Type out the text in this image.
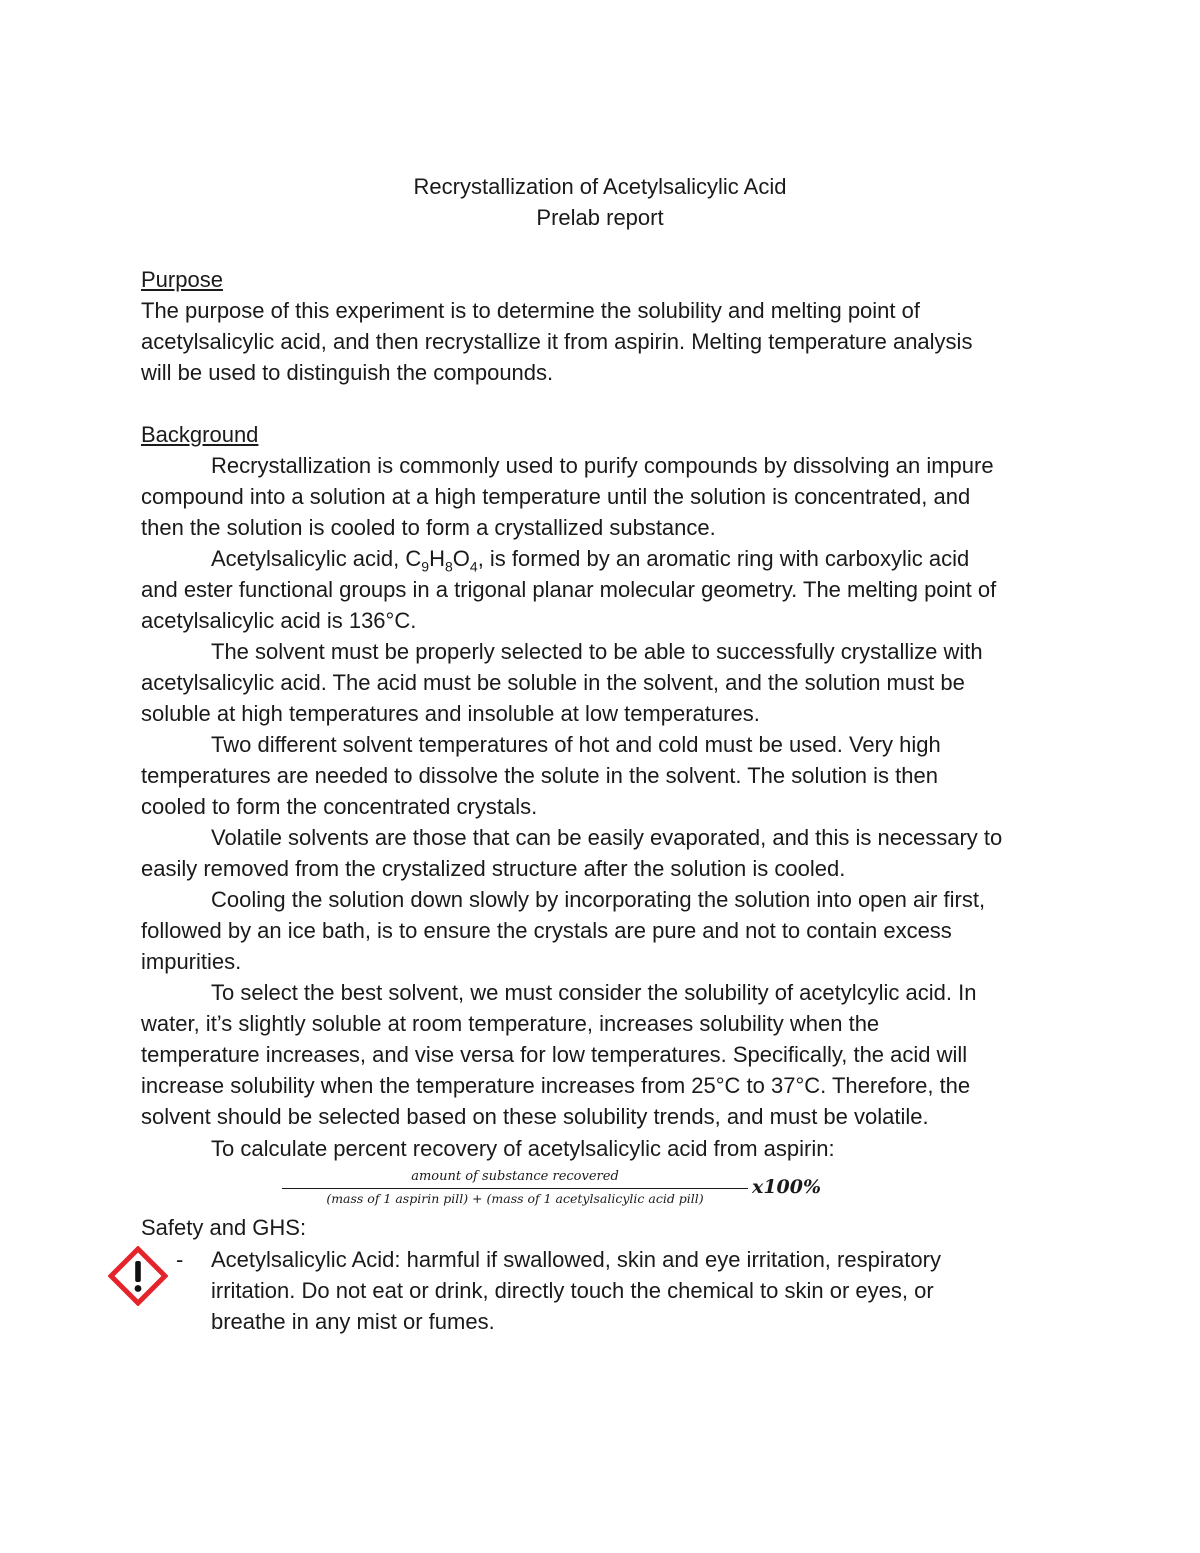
Recrystallization of Acetylsalicylic Acid
Prelab report
Purpose
The purpose of this experiment is to determine the solubility and melting point of
acetylsalicylic acid, and then recrystallize it from aspirin. Melting temperature analysis
will be used to distinguish the compounds.
Background
Recrystallization is commonly used to purify compounds by dissolving an impure
compound into a solution at a high temperature until the solution is concentrated, and
then the solution is cooled to form a crystallized substance.
Acetylsalicylic acid, $C_9H_8O_4$, is formed by an aromatic ring with carboxylic acid
and ester functional groups in a trigonal planar molecular geometry. The melting point of
acetylsalicylic acid is 136°C.
The solvent must be properly selected to be able to successfully crystallize with
acetylsalicylic acid. The acid must be soluble in the solvent, and the solution must be
soluble at high temperatures and insoluble at low temperatures.
Two different solvent temperatures of hot and cold must be used. Very high
temperatures are needed to dissolve the solute in the solvent. The solution is then
cooled to form the concentrated crystals.
Volatile solvents are those that can be easily evaporated, and this is necessary to
easily removed from the crystalized structure after the solution is cooled.
Cooling the solution down slowly by incorporating the solution into open air first,
followed by an ice bath, is to ensure the crystals are pure and not to contain excess
impurities.
To select the best solvent, we must consider the solubility of acetylcylic acid. In
water, it’s slightly soluble at room temperature, increases solubility when the
temperature increases, and vise versa for low temperatures. Specifically, the acid will
increase solubility when the temperature increases from 25°C to 37°C. Therefore, the
solvent should be selected based on these solubility trends, and must be volatile.
To calculate percent recovery of acetylsalicylic acid from aspirin:
amount of substance recovered
(mass of 1 aspirin pill) + (mass of 1 acetylsalicylic acid pill)
x100%
Safety and GHS:
- Acetylsalicylic Acid: harmful if swallowed, skin and eye irritation, respiratory
irritation. Do not eat or drink, directly touch the chemical to skin or eyes, or
breathe in any mist or fumes.
